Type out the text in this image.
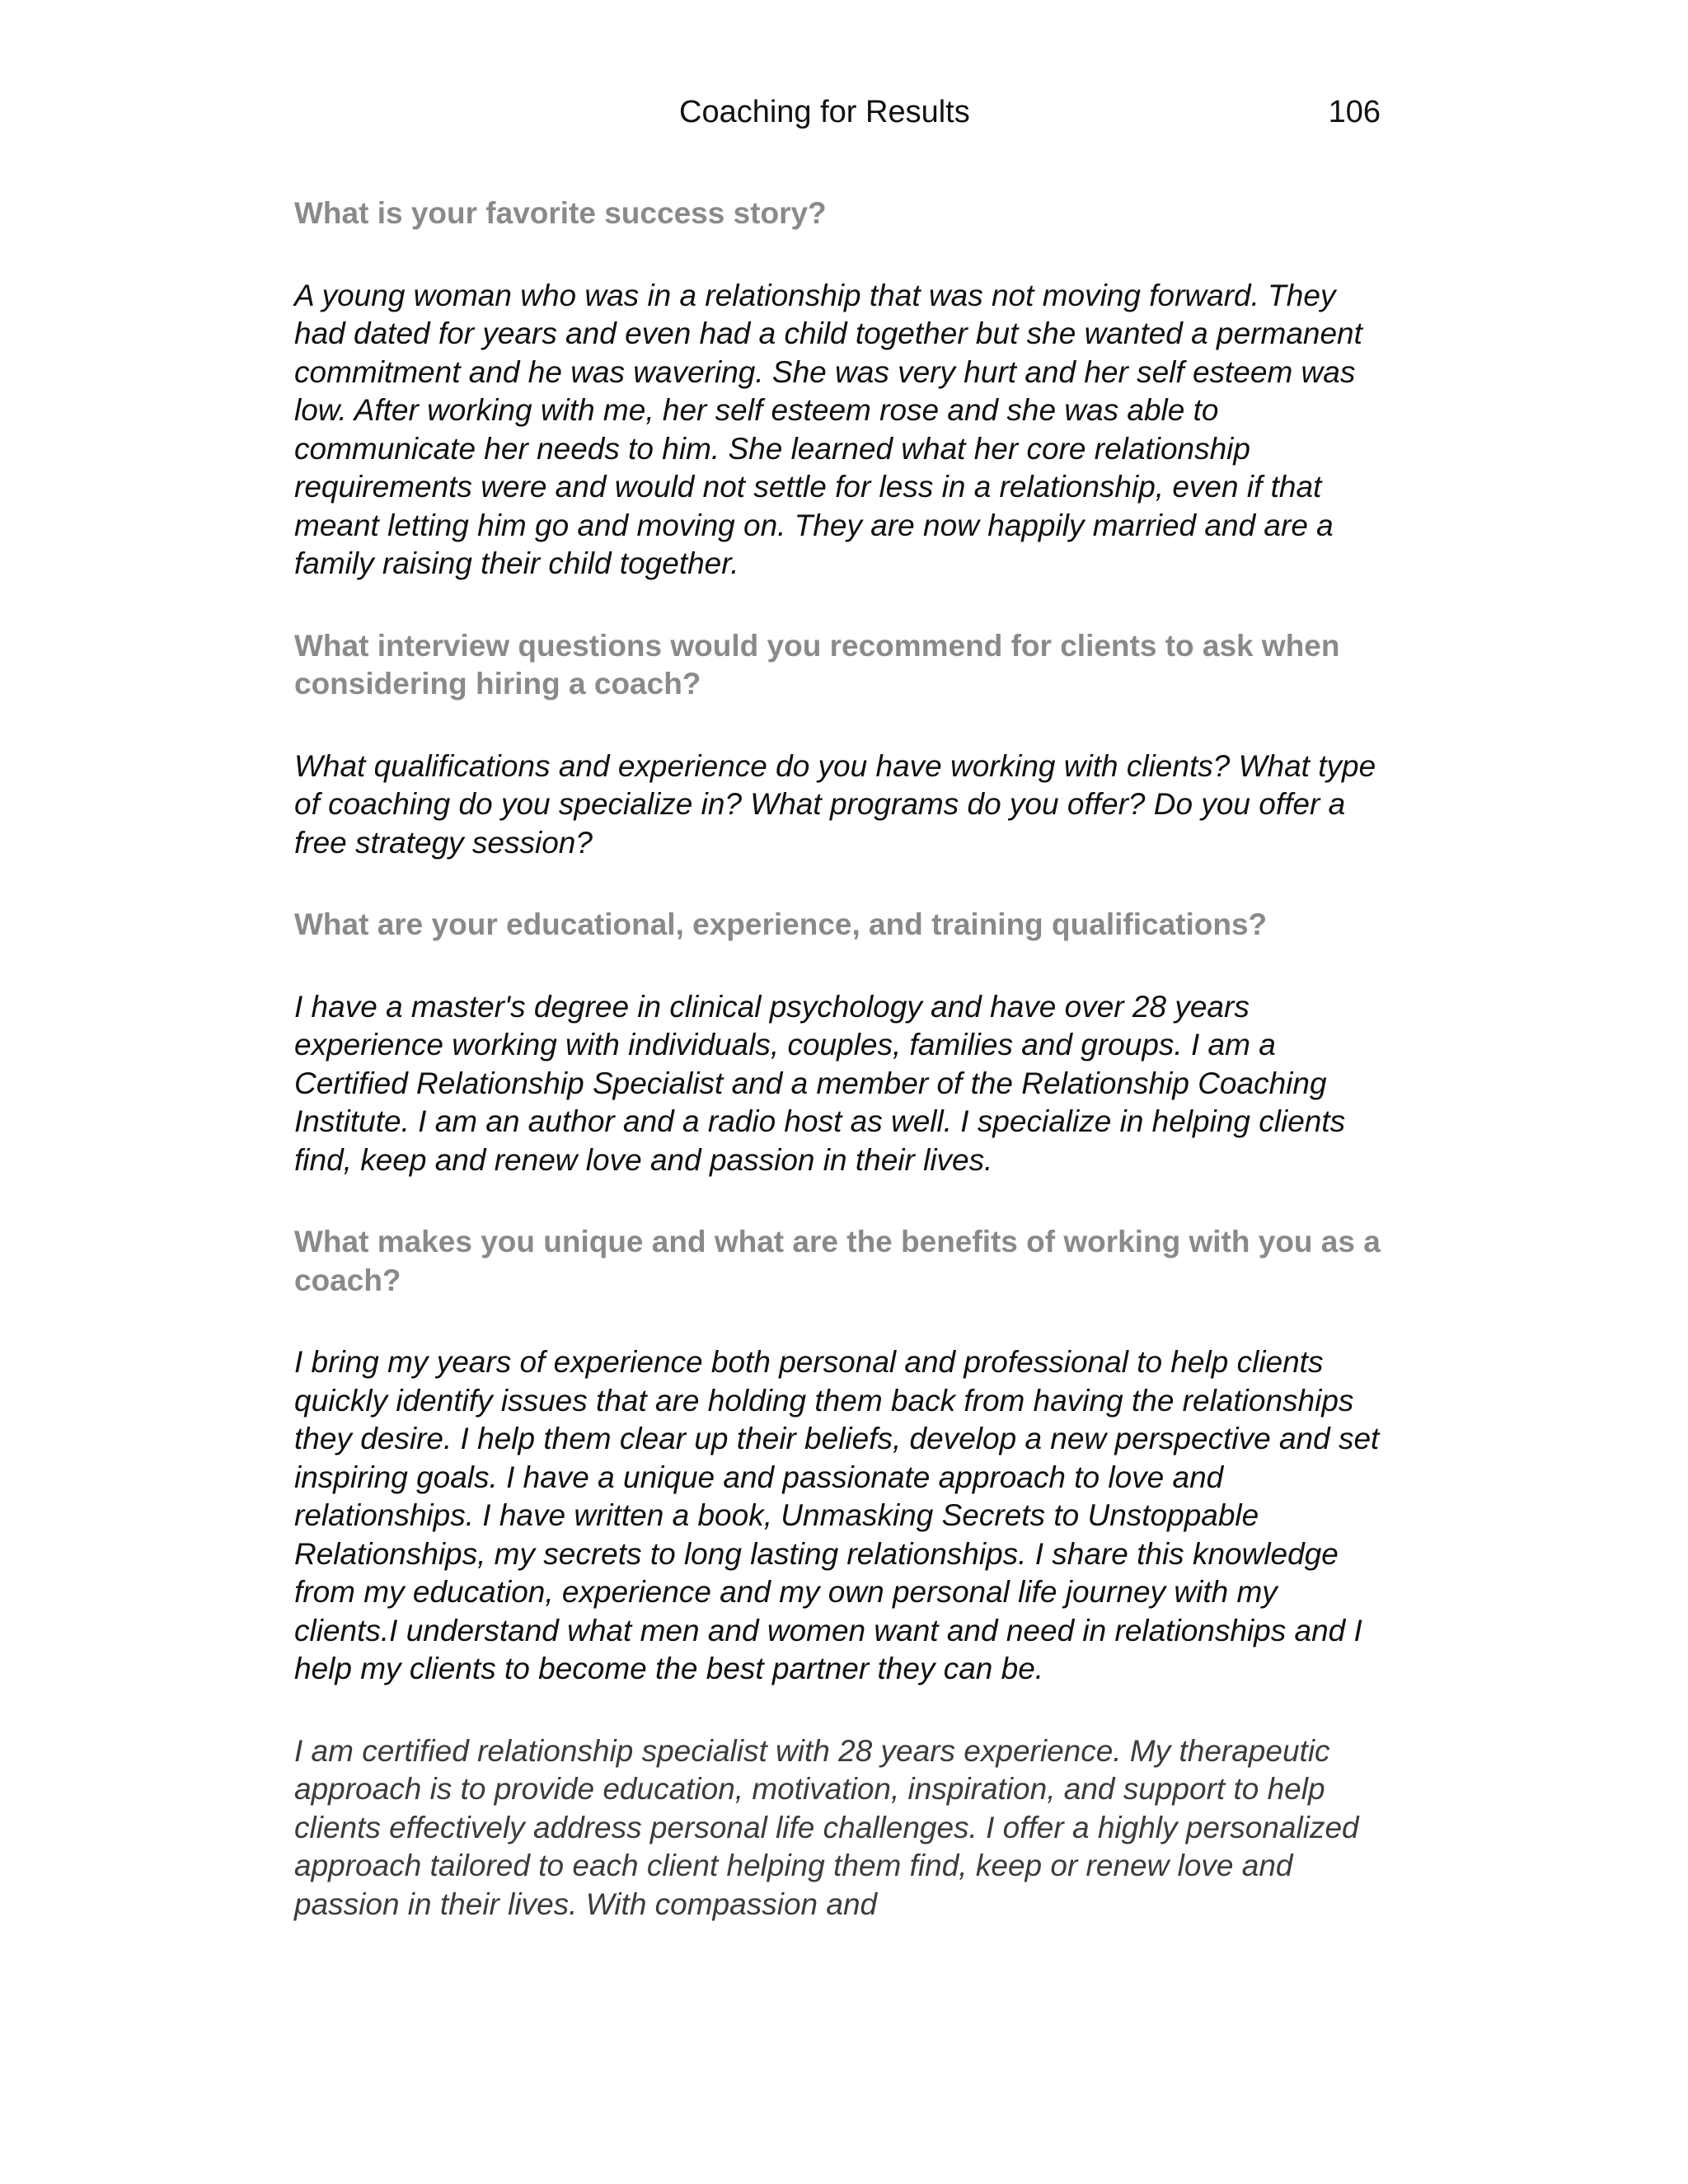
Coaching for Results	106

What is your favorite success story?

A young woman who was in a relationship that was not moving forward. They had dated for years and even had a child together but she wanted a permanent commitment and he was wavering. She was very hurt and her self esteem was low. After working with me, her self esteem rose and she was able to communicate her needs to him. She learned what her core relationship requirements were and would not settle for less in a relationship, even if that meant letting him go and moving on. They are now happily married and are a family raising their child together.

What interview questions would you recommend for clients to ask when considering hiring a coach?

What qualifications and experience do you have working with clients? What type of coaching do you specialize in? What programs do you offer? Do you offer a free strategy session?

What are your educational, experience, and training qualifications?

I have a master's degree in clinical psychology and have over 28 years experience working with individuals, couples, families and groups. I am a Certified Relationship Specialist and a member of the Relationship Coaching Institute. I am an author and a radio host as well. I specialize in helping clients find, keep and renew love and passion in their lives.

What makes you unique and what are the benefits of working with you as a coach?

I bring my years of experience both personal and professional to help clients quickly identify issues that are holding them back from having the relationships they desire. I help them clear up their beliefs, develop a new perspective and set inspiring goals. I have a unique and passionate approach to love and relationships. I have written a book, Unmasking Secrets to Unstoppable Relationships, my secrets to long lasting relationships. I share this knowledge from my education, experience and my own personal life journey with my clients.I understand what men and women want and need in relationships and I help my clients to become the best partner they can be.

I am certified relationship specialist with 28 years experience. My therapeutic approach is to provide education, motivation, inspiration, and support to help clients effectively address personal life challenges. I offer a highly personalized approach tailored to each client helping them find, keep or renew love and passion in their lives. With compassion and
